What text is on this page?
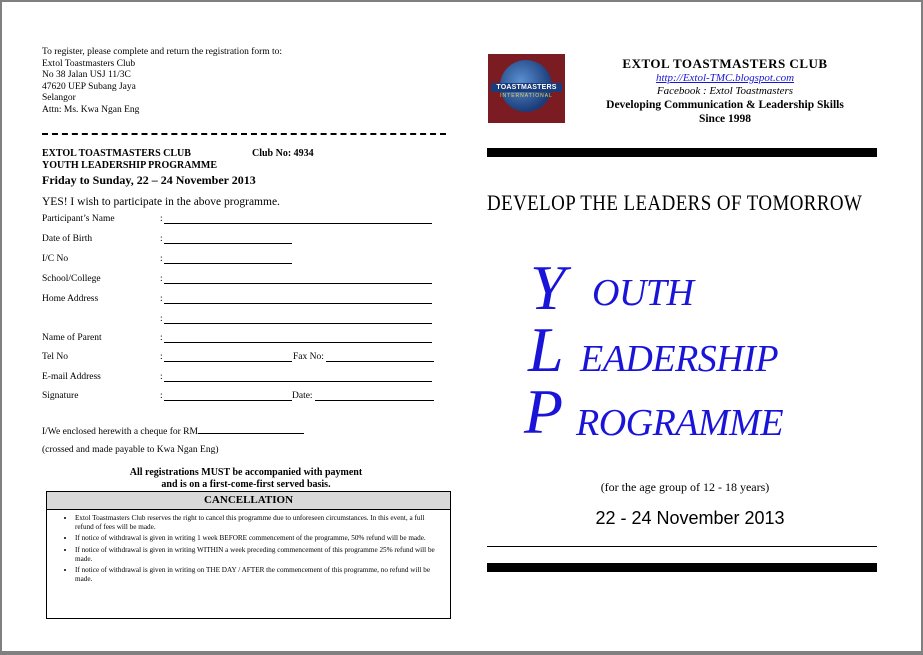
To register, please complete and return the registration form to:
Extol Toastmasters Club
No 38 Jalan USJ 11/3C
47620 UEP Subang Jaya
Selangor
Attn: Ms. Kwa Ngan Eng
EXTOL TOASTMASTERS CLUB	Club No: 4934
YOUTH LEADERSHIP PROGRAMME
Friday to Sunday, 22 – 24 November 2013
YES! I wish to participate in the above programme.
Participant’s Name	:
Date of Birth	:
I/C No	:
School/College	:
Home Address	:
:
Name of Parent	:
Tel No	:	Fax No:
E-mail Address	:
Signature	:	Date:
I/We enclosed herewith a cheque for RM
(crossed and made payable to Kwa Ngan Eng)
All registrations MUST be accompanied with payment
and is on a first-come-first served basis.
CANCELLATION
• Extol Toastmasters Club reserves the right to cancel this programme due to unforeseen circumstances. In this event, a full refund of fees will be made.
• If notice of withdrawal is given in writing 1 week BEFORE commencement of the programme, 50% refund will be made.
• If notice of withdrawal is given in writing WITHIN a week preceding commencement of this programme 25% refund will be made.
• If notice of withdrawal is given in writing on THE DAY / AFTER the commencement of this programme, no refund will be made.
TOASTMASTERS
INTERNATIONAL
EXTOL TOASTMASTERS CLUB
http://Extol-TMC.blogspot.com
Facebook : Extol Toastmasters
Developing Communication & Leadership Skills
Since 1998
DEVELOP THE LEADERS OF TOMORROW
Y OUTH
L EADERSHIP
P ROGRAMME
(for the age group of 12 - 18 years)
22 - 24 November 2013
